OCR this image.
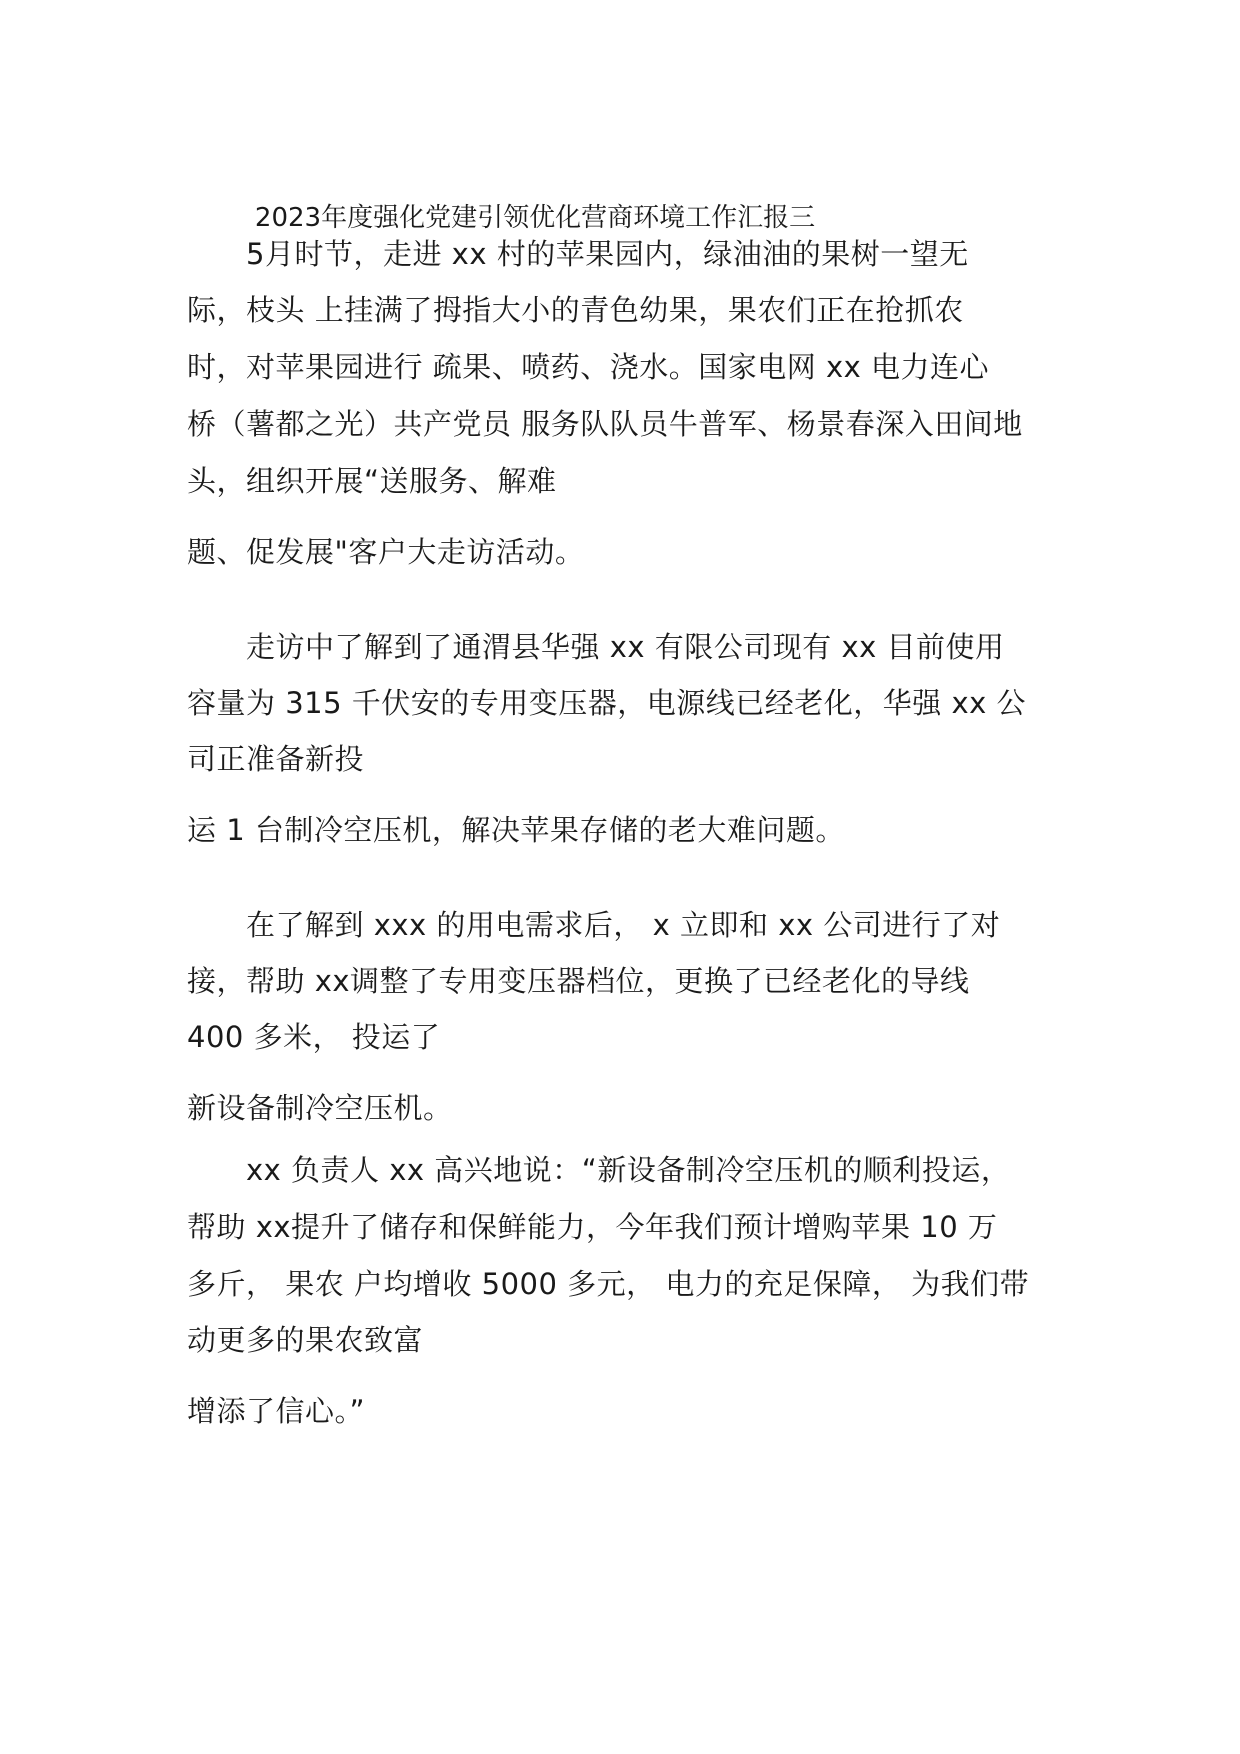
2023年度强化党建引领优化营商环境工作汇报三
5月时节，走进 xx 村的苹果园内，绿油油的果树一望无
际，枝头 上挂满了拇指大小的青色幼果，果农们正在抢抓农
时，对苹果园进行 疏果、喷药、浇水。国家电网 xx 电力连心
桥（薯都之光）共产党员 服务队队员牛普军、杨景春深入田间地
头，组织开展“送服务、解难
题、促发展"客户大走访活动。
走访中了解到了通渭县华强 xx 有限公司现有 xx 目前使用
容量为 315 千伏安的专用变压器，电源线已经老化，华强 xx 公
司正准备新投
运 1 台制冷空压机，解决苹果存储的老大难问题。
在了解到 xxx 的用电需求后， x 立即和 xx 公司进行了对
接，帮助 xx调整了专用变压器档位，更换了已经老化的导线
400 多米， 投运了
新设备制冷空压机。
xx 负责人 xx 高兴地说：“新设备制冷空压机的顺利投运，
帮助 xx提升了储存和保鲜能力，今年我们预计增购苹果 10 万
多斤， 果农 户均增收 5000 多元， 电力的充足保障， 为我们带
动更多的果农致富
增添了信心。”
